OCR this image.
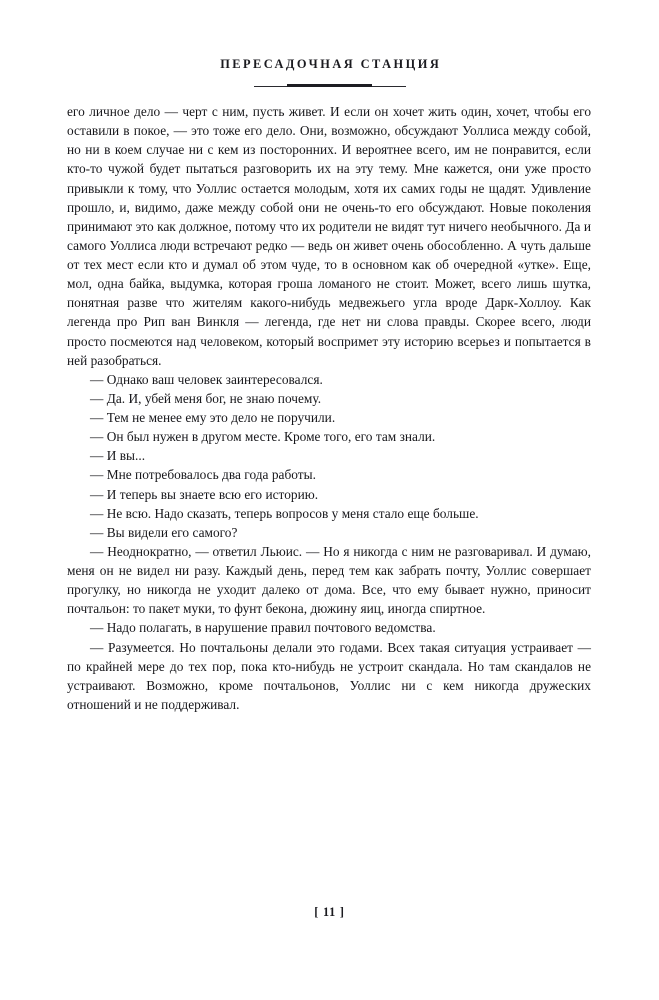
ПЕРЕСАДОЧНАЯ СТАНЦИЯ

его личное дело — черт с ним, пусть живет. И если он хочет жить один, хочет, чтобы его оставили в покое, — это тоже его дело. Они, возможно, обсуждают Уоллиса между собой, но ни в коем случае ни с кем из посторонних. И вероятнее всего, им не понравится, если кто-то чужой будет пытаться разговорить их на эту тему. Мне кажется, они уже просто привыкли к тому, что Уоллис остается молодым, хотя их самих годы не щадят. Удивление прошло, и, видимо, даже между собой они не очень-то его обсуждают. Новые поколения принимают это как должное, потому что их родители не видят тут ничего необычного. Да и самого Уоллиса люди встречают редко — ведь он живет очень обособленно. А чуть дальше от тех мест если кто и думал об этом чуде, то в основном как об очередной «утке». Еще, мол, одна байка, выдумка, которая гроша ломаного не стоит. Может, всего лишь шутка, понятная разве что жителям какого-нибудь медвежьего угла вроде Дарк-Холлоу. Как легенда про Рип ван Винкля — легенда, где нет ни слова правды. Скорее всего, люди просто посмеются над человеком, который воспримет эту историю всерьез и попытается в ней разобраться.

— Однако ваш человек заинтересовался.

— Да. И, убей меня бог, не знаю почему.

— Тем не менее ему это дело не поручили.

— Он был нужен в другом месте. Кроме того, его там знали.

— И вы...

— Мне потребовалось два года работы.

— И теперь вы знаете всю его историю.

— Не всю. Надо сказать, теперь вопросов у меня стало еще больше.

— Вы видели его самого?

— Неоднократно, — ответил Льюис. — Но я никогда с ним не разговаривал. И думаю, меня он не видел ни разу. Каждый день, перед тем как забрать почту, Уоллис совершает прогулку, но никогда не уходит далеко от дома. Все, что ему бывает нужно, приносит почтальон: то пакет муки, то фунт бекона, дюжину яиц, иногда спиртное.

— Надо полагать, в нарушение правил почтового ведомства.

— Разумеется. Но почтальоны делали это годами. Всех такая ситуация устраивает — по крайней мере до тех пор, пока кто-нибудь не устроит скандала. Но там скандалов не устраивают. Возможно, кроме почтальонов, Уоллис ни с кем никогда дружеских отношений и не поддерживал.

[ 11 ]
